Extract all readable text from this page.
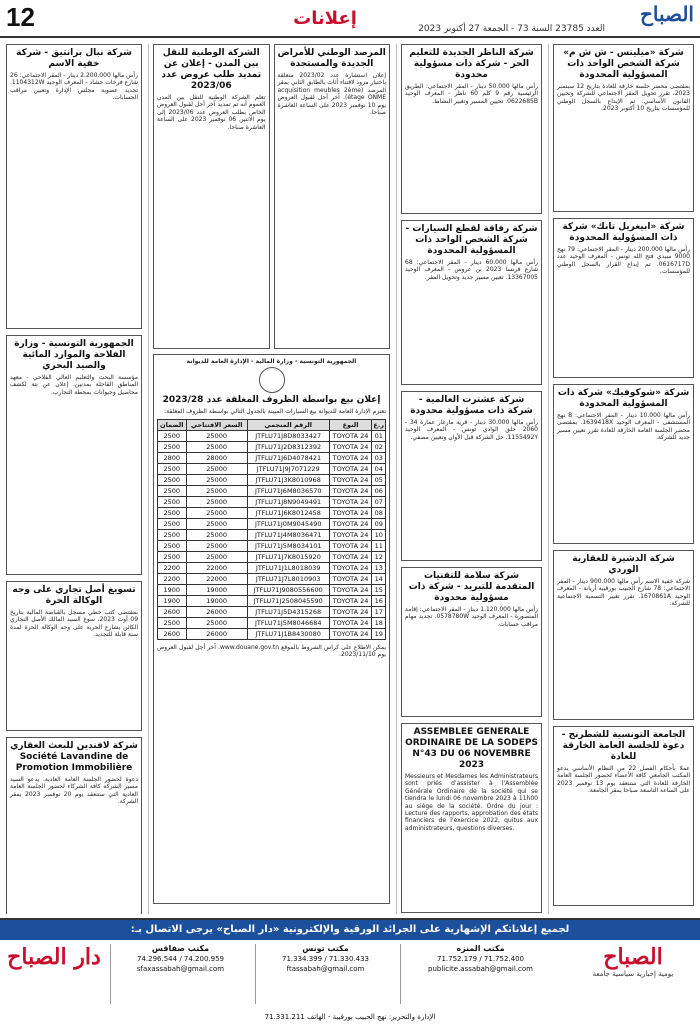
12	إعلانات	الصباح
العدد 23785 السنة 73 - الجمعة 27 أكتوبر 2023
شركة «ميلينس - ش ش م» شركة الشخص الواحد ذات المسؤولية المحدودة

بمقتضى محضر جلسة خارقة للعادة بتاريخ 12 سبتمبر 2023، تقرر تحويل المقر الاجتماعي للشركة وتحيين القانون الأساسي. تم الإيداع بالسجل الوطني للمؤسسات بتاريخ 10 أكتوبر 2023.

شركة «ابيغريل تانك» شركة ذات المسؤولية المحدودة

رأس مالها 200.000 دينار - المقر الاجتماعي: 79 نهج 9000 سيدي فتح الله تونس - المعرف الوحيد عدد 0616717D. تم إيداع القرار بالسجل الوطني للمؤسسات.

شركة «شوكوفيك» شركة ذات المسؤولية المحدودة

رأس مالها 10.000 دينار - المقر الاجتماعي: 8 نهج المستشفى - المعرف الوحيد 1639418X. بمقتضى محضر الجلسة العامة الخارقة للعادة تقرر تعيين مسير جديد للشركة.

شركة الدشيرة للعقارية الوردي

شركة خفية الاسم رأس مالها 900.000 دينار - المقر الاجتماعي: 78 شارع الحبيب بورقيبة أريانة - المعرف الوحيد 1670861A. تقرر تغيير التسمية الاجتماعية للشركة.

الجامعة التونسية للشطرنج - دعوة للجلسة العامة الخارقة للعادة

عملا بأحكام الفصل 22 من النظام الأساسي يدعو المكتب الجامعي كافة الأعضاء لحضور الجلسة العامة الخارقة للعادة التي ستنعقد يوم 13 نوفمبر 2023 على الساعة التاسعة صباحا بمقر الجامعة.

شركة الناظر الجديدة للتعليم الحر - شركة ذات مسؤولية محدودة

رأس مالها 50.000 دينار - المقر الاجتماعي: الطريق الرئيسية رقم 9 كلم 60 ناظر - المعرف الوحيد 0622685B. تحيين المسير وتغيير النشاط.

شركة رفاقة لقطع السيارات - شركة الشخص الواحد ذات المسؤولية المحدودة

رأس مالها 60.000 دينار - المقر الاجتماعي: 68 شارع فرنسا 2023 بن عروس - المعرف الوحيد 13367005. تعيين مسير جديد وتحويل المقر.

شركة عشترت العالمية - شركة ذات مسؤولية محدودة

رأس مالها 30.000 دينار - قرية مارغار عمارة 34 - 2060 حلق الوادي تونس - المعرف الوحيد 1155492Y. حل الشركة قبل الأوان وتعيين مصفي.

شركة سلامة للتقنيات المتقدمة للتبريد - شركة ذات مسؤولية محدودة

رأس مالها 1.120.000 دينار - المقر الاجتماعي: إقامة المنصورة - المعرف الوحيد 0578780W. تجديد مهام مراقب حسابات.

ASSEMBLEE GENERALE ORDINAIRE DE LA SODEPS N°43 DU 06 NOVEMBRE 2023

Messieurs et Mesdames les Administrateurs sont priés d'assister à l'Assemblée Générale Ordinaire de la société qui se tiendra le lundi 06 novembre 2023 à 11h00 au siège de la société. Ordre du jour : Lecture des rapports, approbation des états financiers de l'exercice 2022, quitus aux administrateurs, questions diverses.

المرصد الوطني للأمراض الجديدة والمستجدة

إعلان استشارة عدد 2023/02 متعلقة باختيار مزود لاقتناء أثاث بالطابق الثاني بمقر المرصد (acquisition meubles 2ème étage ONME). آخر أجل لقبول العروض يوم 10 نوفمبر 2023 على الساعة العاشرة صباحا.

الشركة الوطنية للنقل بين المدن - إعلان عن تمديد طلب عروض عدد 2023/06

تعلم الشركة الوطنية للنقل بين المدن العموم أنه تم تمديد آخر أجل لقبول العروض الخاص بطلب العروض عدد 2023/06 إلى يوم الاثنين 06 نوفمبر 2023 على الساعة العاشرة صباحا.

الجمهورية التونسية - وزارة المالية - الإدارة العامة للديوانة

إعلان بيع بواسطة الظروف المغلقة عدد 2023/28

تعتزم الإدارة العامة للديوانة بيع السيارات المبينة بالجدول التالي بواسطة الظروف المغلقة:

ر.ع	النوع	الرقم المنجمي	السعر الافتتاحي	الضمان
01	TOYOTA 24	JTFLU71J8D8033427	25000	2500
02	TOYOTA 24	JTFLU71J2D8312392	25000	2500
03	TOYOTA 24	JTFLU71J6D4078421	28000	2800
04	TOYOTA 24	JTFLU71J9J7071229	25000	2500
05	TOYOTA 24	JTFLU71J3K8010968	25000	2500
06	TOYOTA 24	JTFLU71J6M8036570	25000	2500
07	TOYOTA 24	JTFLU71J8N9049491	25000	2500
08	TOYOTA 24	JTFLU71J6K8012458	25000	2500
09	TOYOTA 24	JTFLU71J0M9045490	25000	2500
10	TOYOTA 24	JTFLU71J4M8036471	25000	2500
11	TOYOTA 24	JTFLU71J5M8034101	25000	2500
12	TOYOTA 24	JTFLU71J7K8015920	25000	2500
13	TOYOTA 24	JTFLU71J1L8018039	22000	2200
14	TOYOTA 24	JTFLU71J7L8010903	22000	2200
15	TOYOTA 24	JTFLU71J9080556600	19000	1900
16	TOYOTA 24	JTFLU71J2508045590	19000	1900
17	TOYOTA 24	JTFLU71J5D4315268	26000	2600
18	TOYOTA 24	JTFLU71J5M8046684	25000	2500
19	TOYOTA 24	JTFLU71J1B8430080	26000	2600

يمكن الاطلاع على كراس الشروط بالموقع www.douane.gov.tn. آخر أجل لقبول العروض يوم 2023/11/10.

شركة نبال برانتيق - شركة خفية الاسم

رأس مالها 2.200.000 دينار - المقر الاجتماعي: 26 شارع فرحات حشاد - المعرف الوحيد 1104312W. تجديد عضوية مجلس الإدارة وتعيين مراقب الحسابات.

الجمهورية التونسية - وزارة الفلاحة والموارد المائية والصيد البحري

مؤسسة البحث والتعليم العالي الفلاحي - معهد المناطق القاحلة بمدنين. إعلان عن بتة لكشف محاصيل وحيوانات بمحطة التجارب.

تسويغ أصل تجاري على وجه الوكالة الحرة

بمقتضى كتب خطي مسجل بالقباضة المالية بتاريخ 09 أوت 2023، سوغ السيد المالك الأصل التجاري الكائن بشارع الحرية على وجه الوكالة الحرة لمدة سنة قابلة للتجديد.

شركة لافندين للبعث العقاري Société Lavandine de Promotion Immobilière

دعوة لحضور الجلسة العامة العادية. يدعو السيد مسير الشركة كافة الشركاء لحضور الجلسة العامة العادية التي ستنعقد يوم 20 نوفمبر 2023 بمقر الشركة.

لجميع إعلاناتكم الإشهارية على الجرائد الورقية والإلكترونية «دار الصباح» يرجى الاتصال بـ:
دار الصباح	مكتب صفاقس
74.200.959 / 74.296.544
sfaxassabah@gmail.com
مكتب تونس
71.330.433 / 71.334.399
ftassabah@gmail.com
مكتب المنزه
71.752.400 / 71.752.179
publicite.assabah@gmail.com	الصباح
يومية إخبارية سياسية جامعة
الإدارة والتحرير: نهج الحبيب بورقيبة - الهاتف 71.331.211
